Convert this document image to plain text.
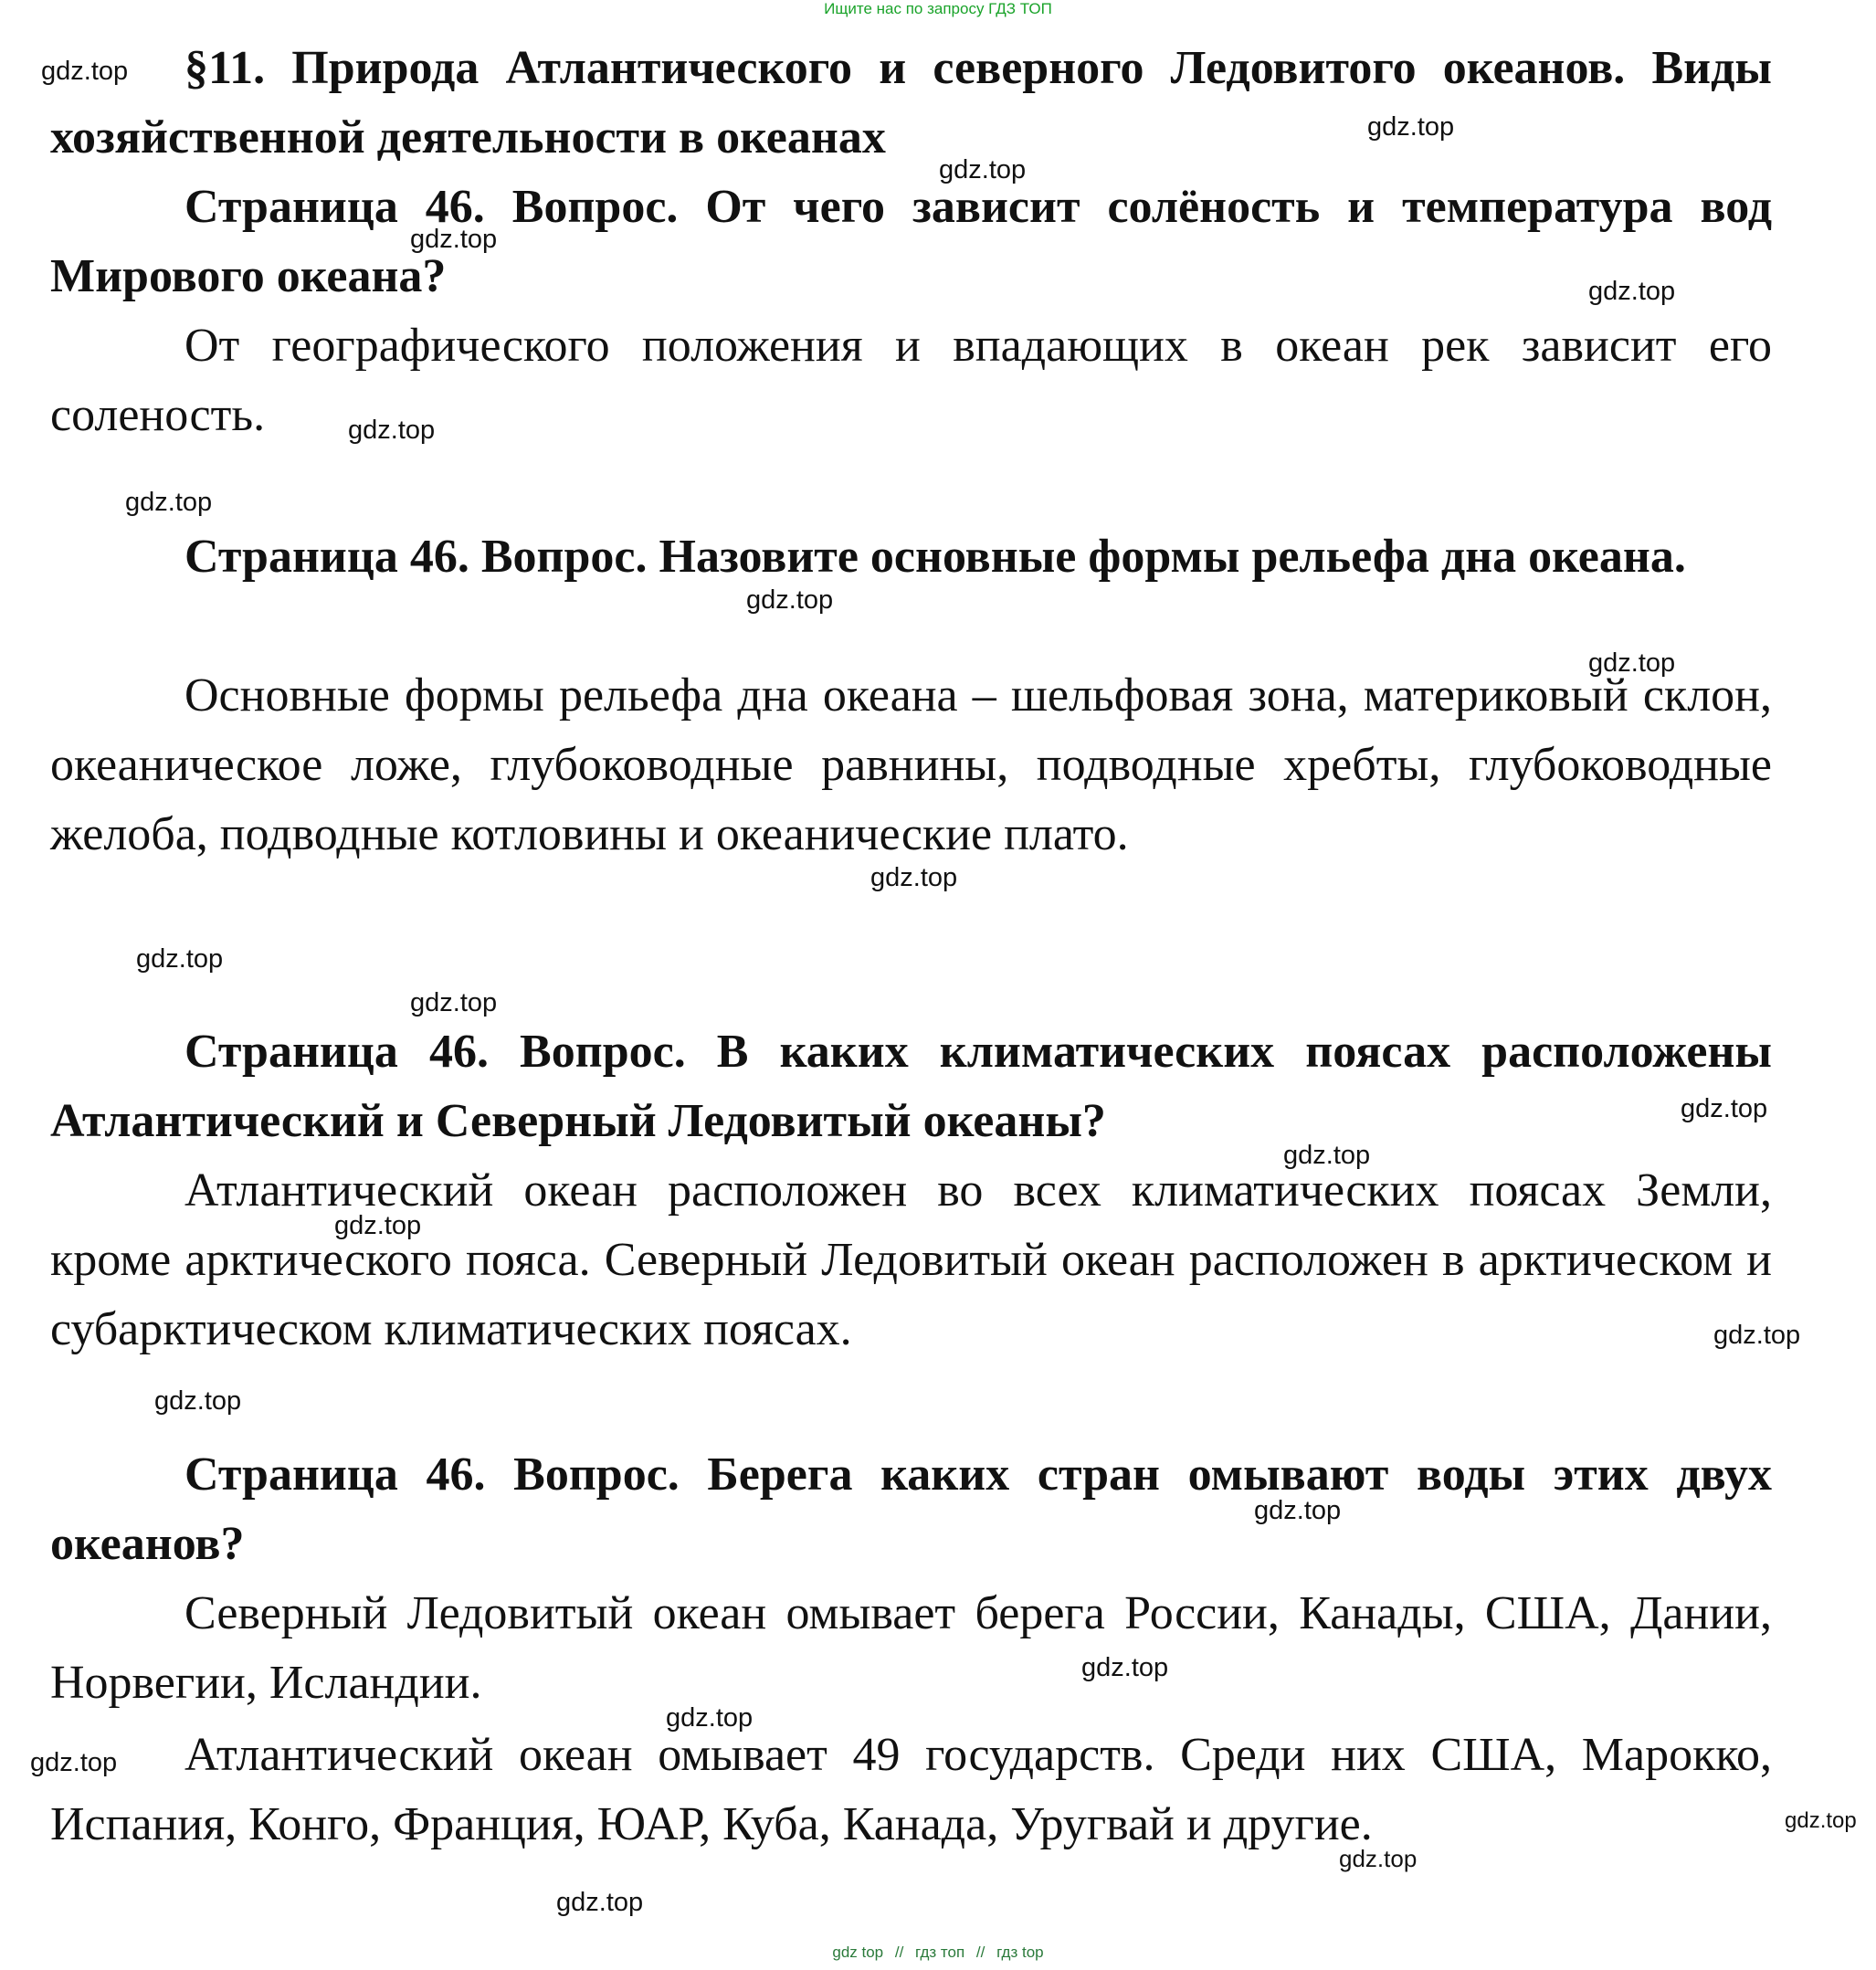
Ищите нас по запросу ГДЗ ТОП
§11. Природа Атлантического и северного Ледовитого океанов. Виды хозяйственной деятельности в океанах
Страница 46. Вопрос. От чего зависит солёность и температура вод Мирового океана?
От географического положения и впадающих в океан рек зависит его соленость.
Страница 46. Вопрос. Назовите основные формы рельефа дна океана.
Основные формы рельефа дна океана – шельфовая зона, материковый склон, океаническое ложе, глубоководные равнины, подводные хребты, глубоководные желоба, подводные котловины и океанические плато.
Страница 46. Вопрос. В каких климатических поясах расположены Атлантический и Северный Ледовитый океаны?
Атлантический океан расположен во всех климатических поясах Земли, кроме арктического пояса. Северный Ледовитый океан расположен в арктическом и субарктическом климатических поясах.
Страница 46. Вопрос. Берега каких стран омывают воды этих двух океанов?
Северный Ледовитый океан омывает берега России, Канады, США, Дании, Норвегии, Исландии.
Атлантический океан омывает 49 государств. Среди них США, Марокко, Испания, Конго, Франция, ЮАР, Куба, Канада, Уругвай и другие.
gdz.top
gdz.top
gdz.top
gdz.top
gdz.top
gdz.top
gdz.top
gdz.top
gdz.top
gdz.top
gdz.top
gdz.top
gdz.top
gdz.top
gdz.top
gdz.top
gdz.top
gdz.top
gdz.top
gdz.top
gdz.top
gdz.top
gdz.top
gdz.top
gdz top // гдз топ // гдз top
